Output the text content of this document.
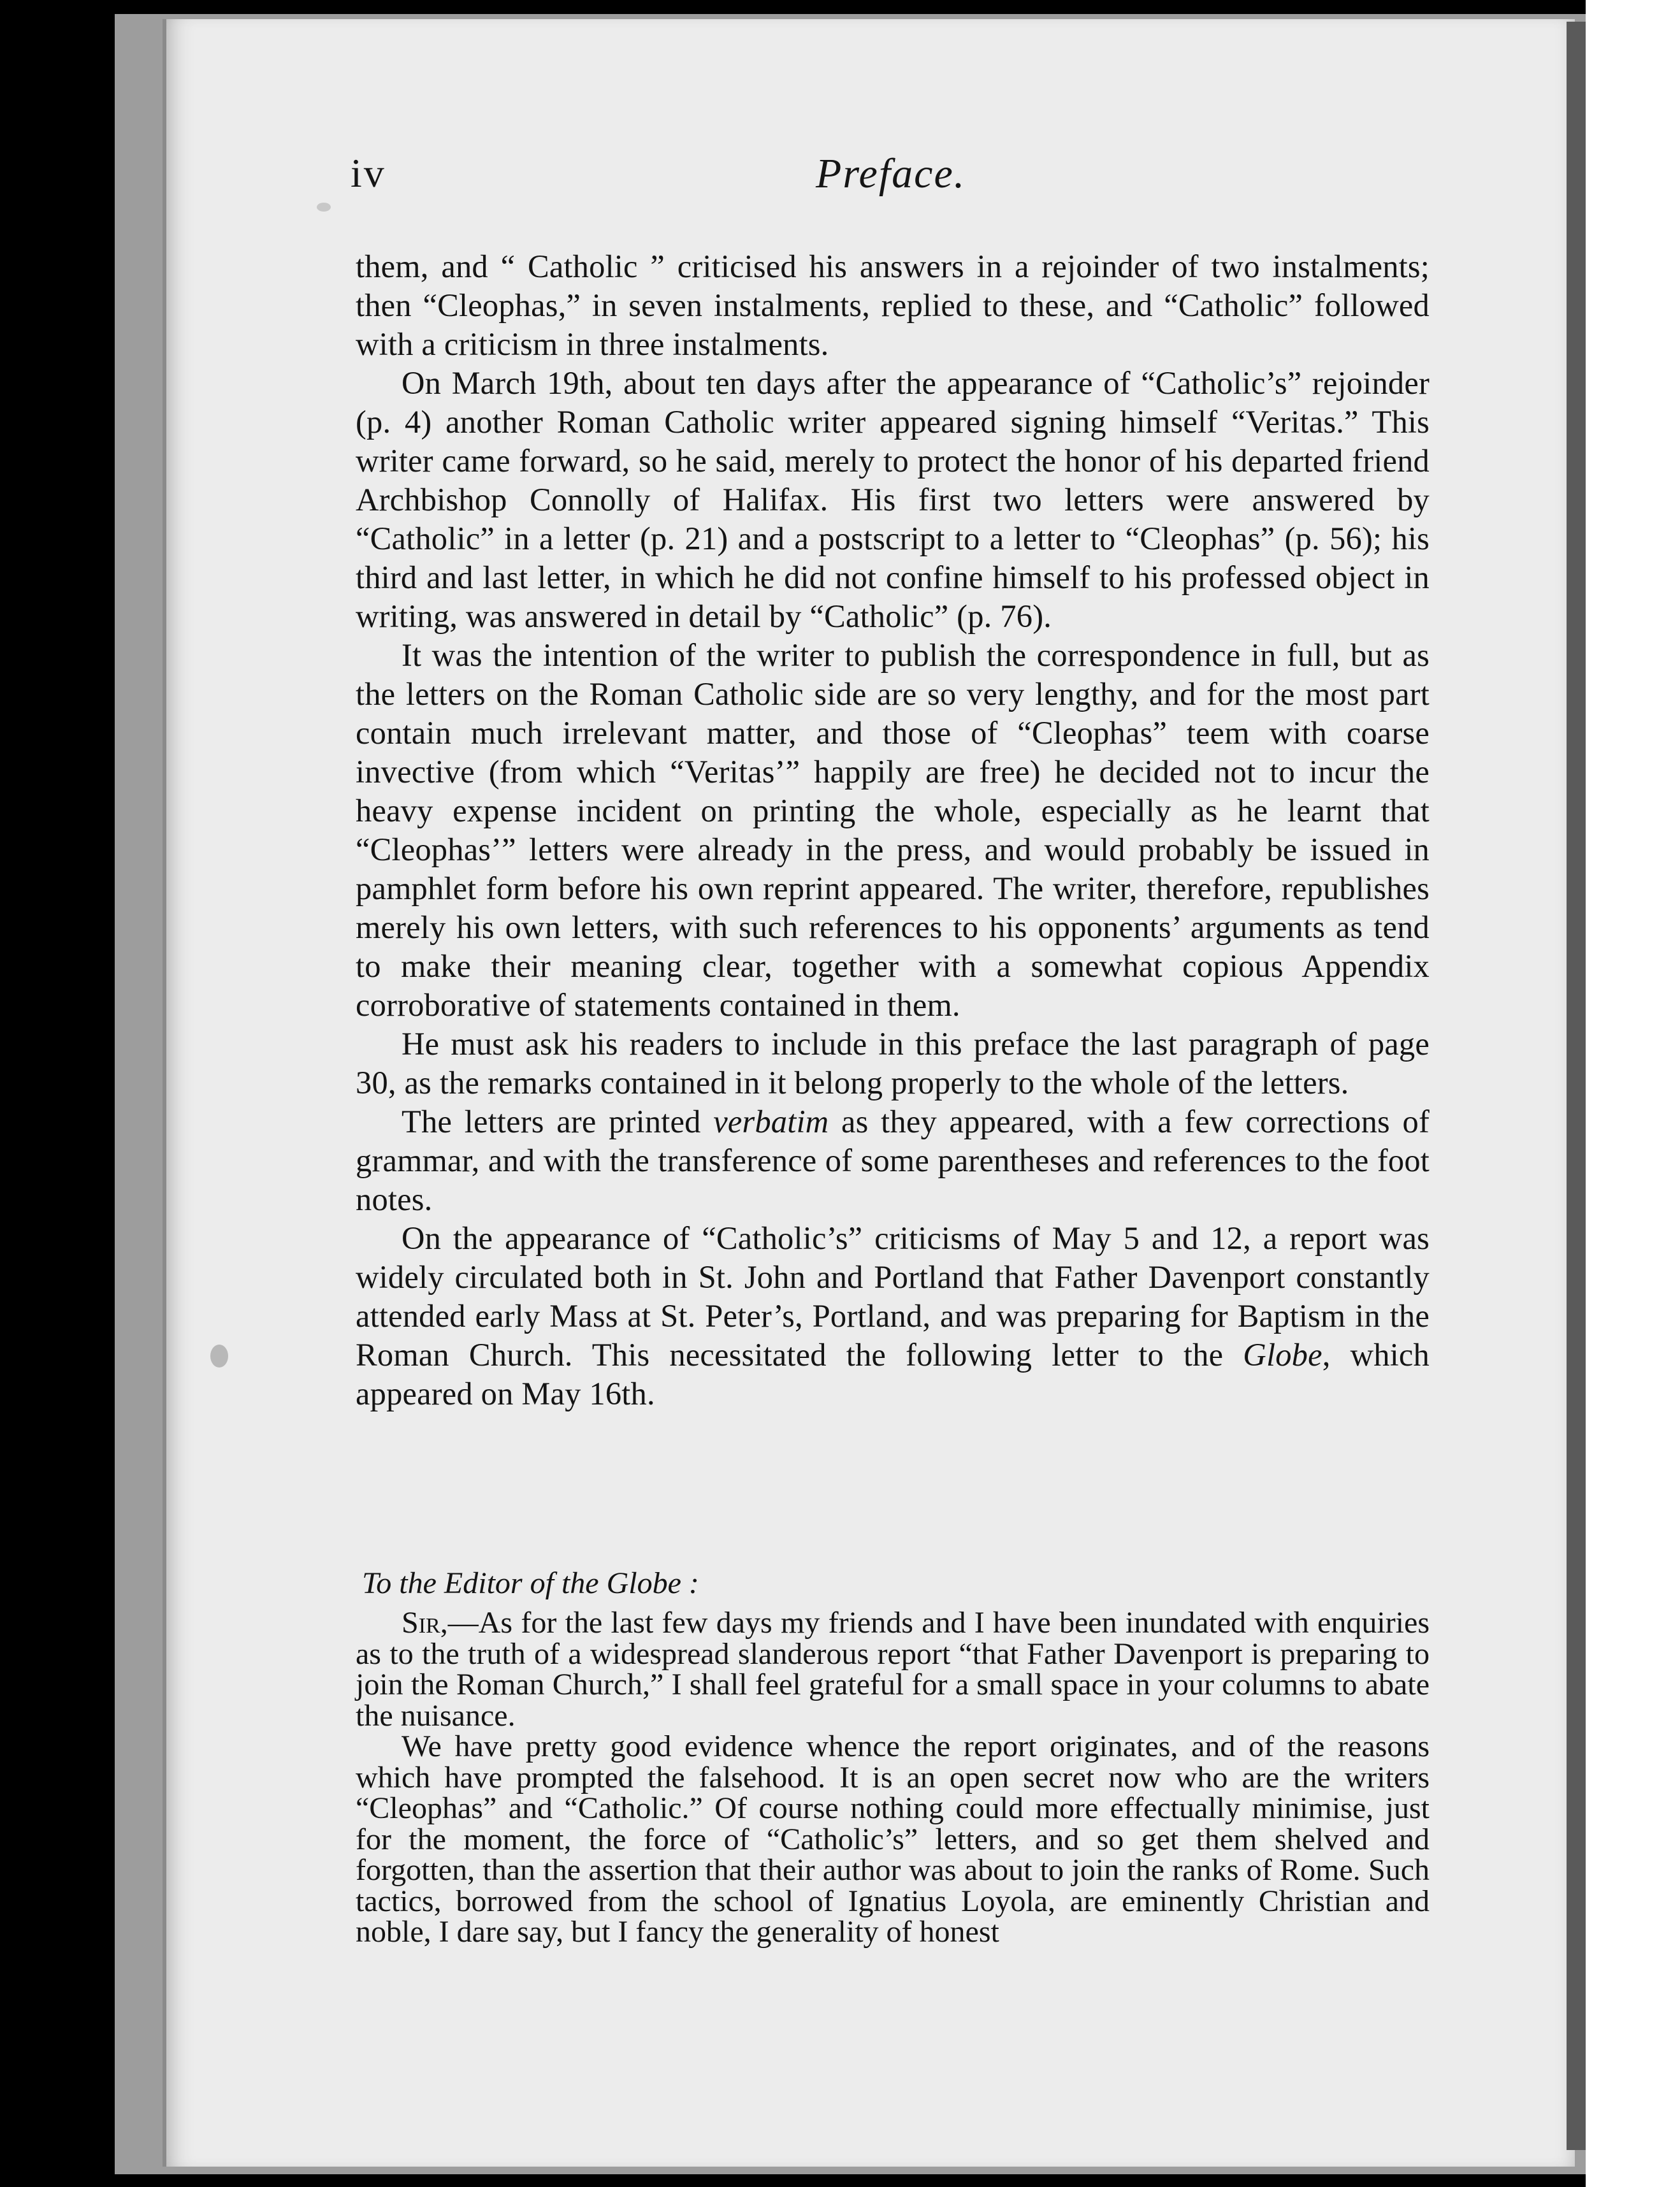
iv	Preface.

them, and “ Catholic ” criticised his answers in a rejoinder of two instalments; then “Cleophas,” in seven instalments, replied to these, and “Catholic” followed with a criticism in three instalments.

On March 19th, about ten days after the appearance of “Catholic’s” rejoinder (p. 4) another Roman Catholic writer appeared signing himself “Veritas.” This writer came forward, so he said, merely to protect the honor of his departed friend Archbishop Connolly of Halifax. His first two letters were answered by “Catholic” in a letter (p. 21) and a postscript to a letter to “Cleophas” (p. 56); his third and last letter, in which he did not confine himself to his professed object in writing, was answered in detail by “Catholic” (p. 76).

It was the intention of the writer to publish the correspondence in full, but as the letters on the Roman Catholic side are so very lengthy, and for the most part contain much irrelevant matter, and those of “Cleophas” teem with coarse invective (from which “Veritas’” happily are free) he decided not to incur the heavy expense incident on printing the whole, especially as he learnt that “Cleophas’” letters were already in the press, and would probably be issued in pamphlet form before his own reprint appeared. The writer, therefore, republishes merely his own letters, with such references to his opponents’ arguments as tend to make their meaning clear, together with a somewhat copious Appendix corroborative of statements contained in them.

He must ask his readers to include in this preface the last paragraph of page 30, as the remarks contained in it belong properly to the whole of the letters.

The letters are printed verbatim as they appeared, with a few corrections of grammar, and with the transference of some parentheses and references to the foot notes.

On the appearance of “Catholic’s” criticisms of May 5 and 12, a report was widely circulated both in St. John and Portland that Father Davenport constantly attended early Mass at St. Peter’s, Portland, and was preparing for Baptism in the Roman Church. This necessitated the following letter to the Globe, which appeared on May 16th.

To the Editor of the Globe :

Sir,—As for the last few days my friends and I have been inundated with enquiries as to the truth of a widespread slanderous report “that Father Davenport is preparing to join the Roman Church,” I shall feel grateful for a small space in your columns to abate the nuisance.

We have pretty good evidence whence the report originates, and of the reasons which have prompted the falsehood. It is an open secret now who are the writers “Cleophas” and “Catholic.” Of course nothing could more effectually minimise, just for the moment, the force of “Catholic’s” letters, and so get them shelved and forgotten, than the assertion that their author was about to join the ranks of Rome. Such tactics, borrowed from the school of Ignatius Loyola, are eminently Christian and noble, I dare say, but I fancy the generality of honest
